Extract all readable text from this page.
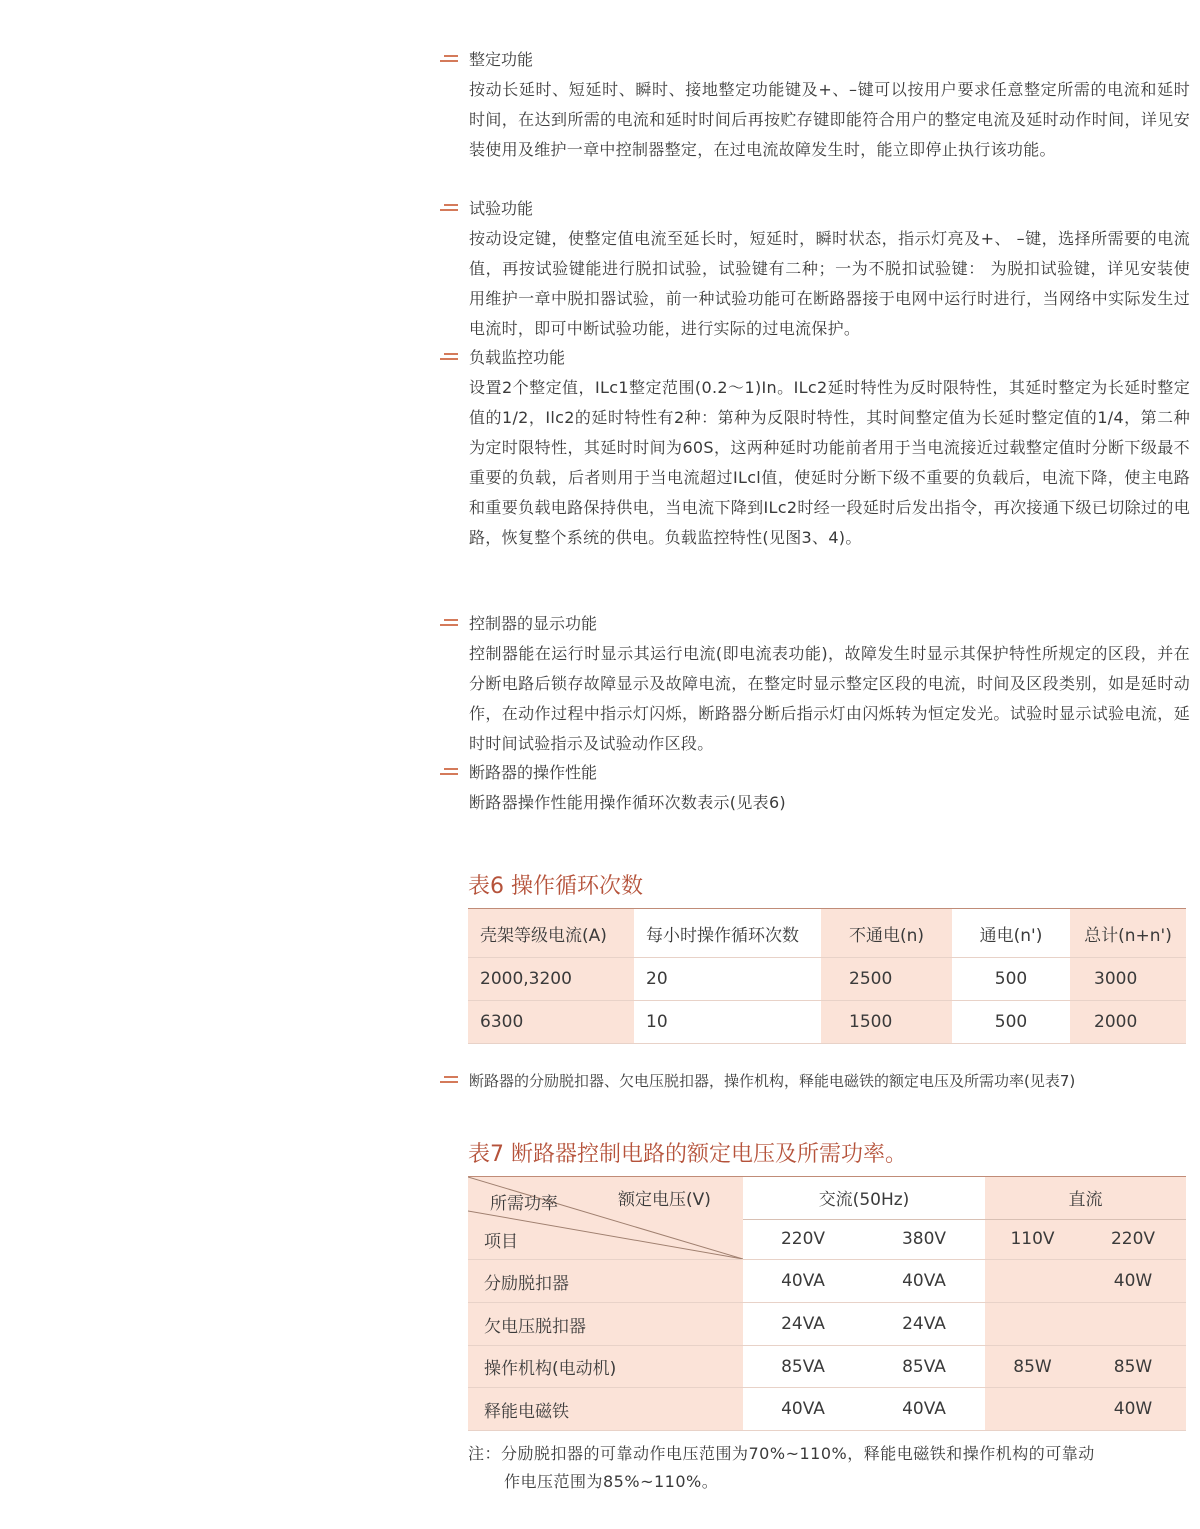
整定功能

按动长延时、短延时、瞬时、接地整定功能键及+、–键可以按用户要求任意整定所需的电流和延时时间，在达到所需的电流和延时时间后再按贮存键即能符合用户的整定电流及延时动作时间，详见安装使用及维护一章中控制器整定，在过电流故障发生时，能立即停止执行该功能。

试验功能

按动设定键，使整定值电流至延长时，短延时，瞬时状态，指示灯亮及+、 –键，选择所需要的电流值，再按试验键能进行脱扣试验，试验键有二种；一为不脱扣试验键： 为脱扣试验键，详见安装使用维护一章中脱扣器试验，前一种试验功能可在断路器接于电网中运行时进行，当网络中实际发生过电流时，即可中断试验功能，进行实际的过电流保护。

负载监控功能

设置2个整定值，ILc1整定范围(0.2～1)In。ILc2延时特性为反时限特性，其延时整定为长延时整定值的1/2，Ilc2的延时特性有2种：第种为反限时特性，其时间整定值为长延时整定值的1/4，第二种为定时限特性，其延时时间为60S，这两种延时功能前者用于当电流接近过载整定值时分断下级最不重要的负载，后者则用于当电流超过ILcl值，使延时分断下级不重要的负载后，电流下降，使主电路和重要负载电路保持供电，当电流下降到ILc2时经一段延时后发出指令，再次接通下级已切除过的电路，恢复整个系统的供电。负载监控特性(见图3、4)。

控制器的显示功能

控制器能在运行时显示其运行电流(即电流表功能)，故障发生时显示其保护特性所规定的区段，并在分断电路后锁存故障显示及故障电流，在整定时显示整定区段的电流，时间及区段类别，如是延时动作，在动作过程中指示灯闪烁，断路器分断后指示灯由闪烁转为恒定发光。试验时显示试验电流，延时时间试验指示及试验动作区段。

断路器的操作性能

断路器操作性能用操作循环次数表示(见表6)

表6 操作循环次数
壳架等级电流(A)	每小时操作循环次数	不通电(n)	通电(n')	总计(n+n')
2000,3200	20	2500	500	3000
6300	10	1500	500	2000
断路器的分励脱扣器、欠电压脱扣器，操作机构，释能电磁铁的额定电压及所需功率(见表7)
表7 断路器控制电路的额定电压及所需功率。
额定电压(V)
所需功率
项目	交流(50Hz)		直流	
	220V	380V	110V	220V
分励脱扣器	40VA	40VA		40W
欠电压脱扣器	24VA	24VA		
操作机构(电动机)	85VA	85VA	85W	85W
释能电磁铁	40VA	40VA		40W
注：分励脱扣器的可靠动作电压范围为70%~110%，释能电磁铁和操作机构的可靠动
作电压范围为85%~110%。
